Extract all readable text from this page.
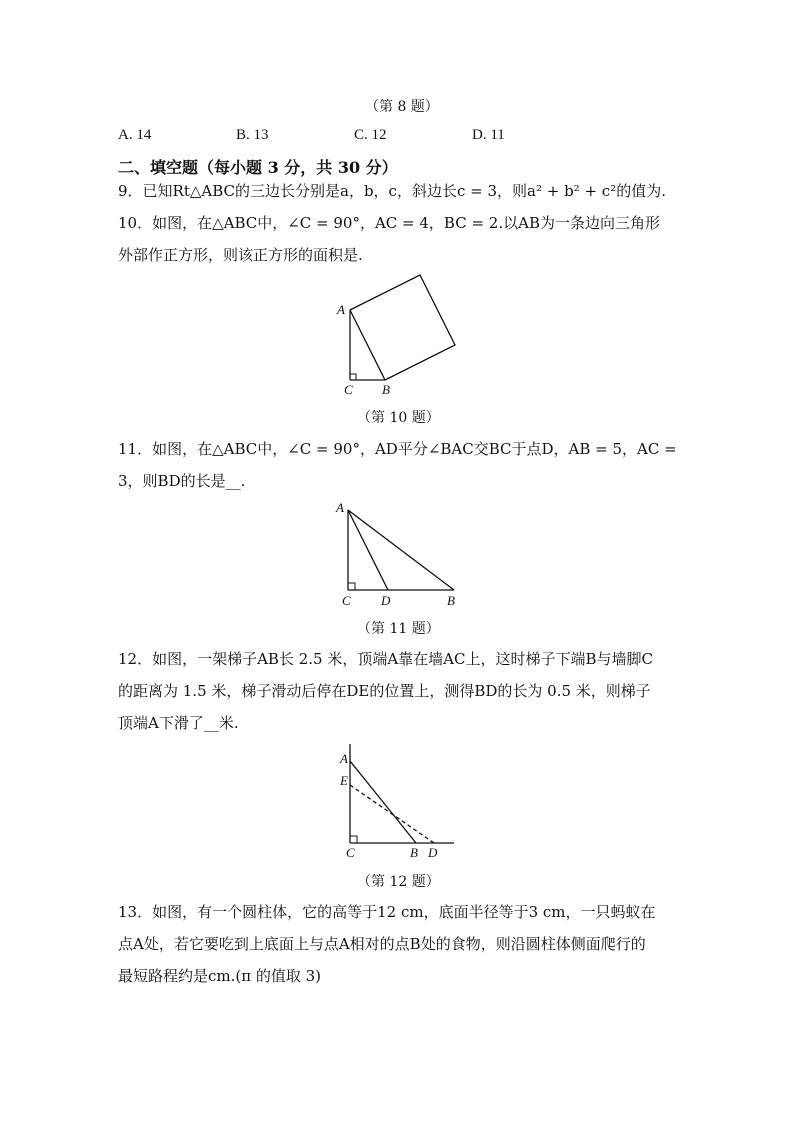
（第 8 题）
A. 14	B. 13	C. 12	D. 11
二、填空题（每小题 3 分，共 30 分）
9．已知Rt△ABC的三边长分别是a，b，c，斜边长c = 3，则a² + b² + c²的值为.
10．如图，在△ABC中，∠C = 90°，AC = 4，BC = 2.以AB为一条边向三角形
外部作正方形，则该正方形的面积是.
A
C B
（第 10 题）
11．如图，在△ABC中，∠C = 90°，AD平分∠BAC交BC于点D，AB = 5，AC =
3，则BD的长是__.
A
C D	B
（第 11 题）
12．如图，一架梯子AB长 2.5 米，顶端A靠在墙AC上，这时梯子下端B与墙脚C
的距离为 1.5 米，梯子滑动后停在DE的位置上，测得BD的长为 0.5 米，则梯子
顶端A下滑了__米.
A
E
C	B D
（第 12 题）
13．如图，有一个圆柱体，它的高等于12 cm，底面半径等于3 cm，一只蚂蚁在
点A处，若它要吃到上底面上与点A相对的点B处的食物，则沿圆柱体侧面爬行的
最短路程约是cm.(π 的值取 3)
